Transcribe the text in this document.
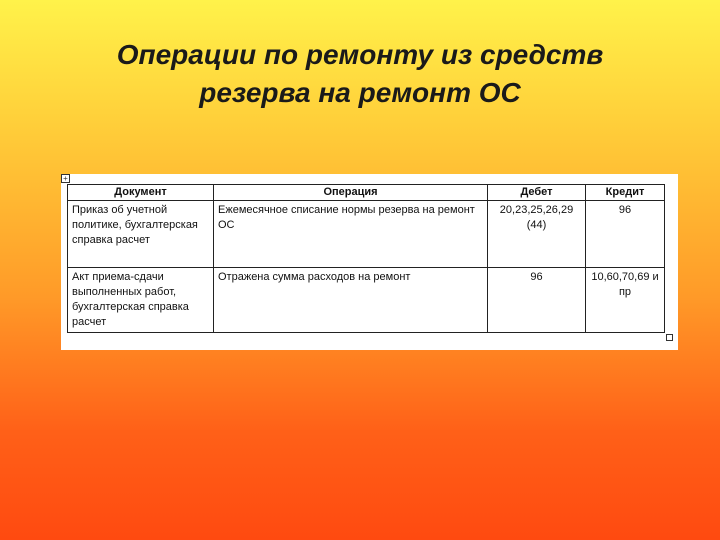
Операции по ремонту из средств
резерва на ремонт ОС
+
Документ	Операция	Дебет	Кредит
Приказ об учетной политике, бухгалтерская справка расчет	Ежемесячное списание нормы резерва на ремонт ОС	20,23,25,26,29 (44)	96
Акт приема-сдачи выполненных работ, бухгалтерская справка расчет	Отражена сумма расходов на ремонт	96	10,60,70,69 и пр
